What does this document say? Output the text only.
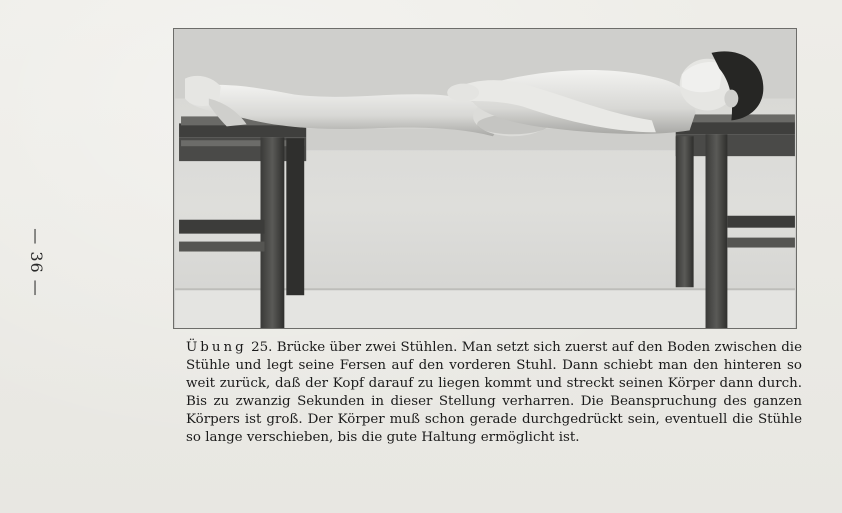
— 36 —

Übung 25. Brücke über zwei Stühlen. Man setzt sich zuerst auf den Boden zwischen die Stühle und legt seine Fersen auf den vorderen Stuhl. Dann schiebt man den hinteren so weit zurück, daß der Kopf darauf zu liegen kommt und streckt seinen Körper dann durch. Bis zu zwanzig Sekunden in dieser Stellung verharren. Die Beanspruchung des ganzen Körpers ist groß. Der Körper muß schon gerade durchgedrückt sein, eventuell die Stühle so lange verschieben, bis die gute Haltung ermöglicht ist.
